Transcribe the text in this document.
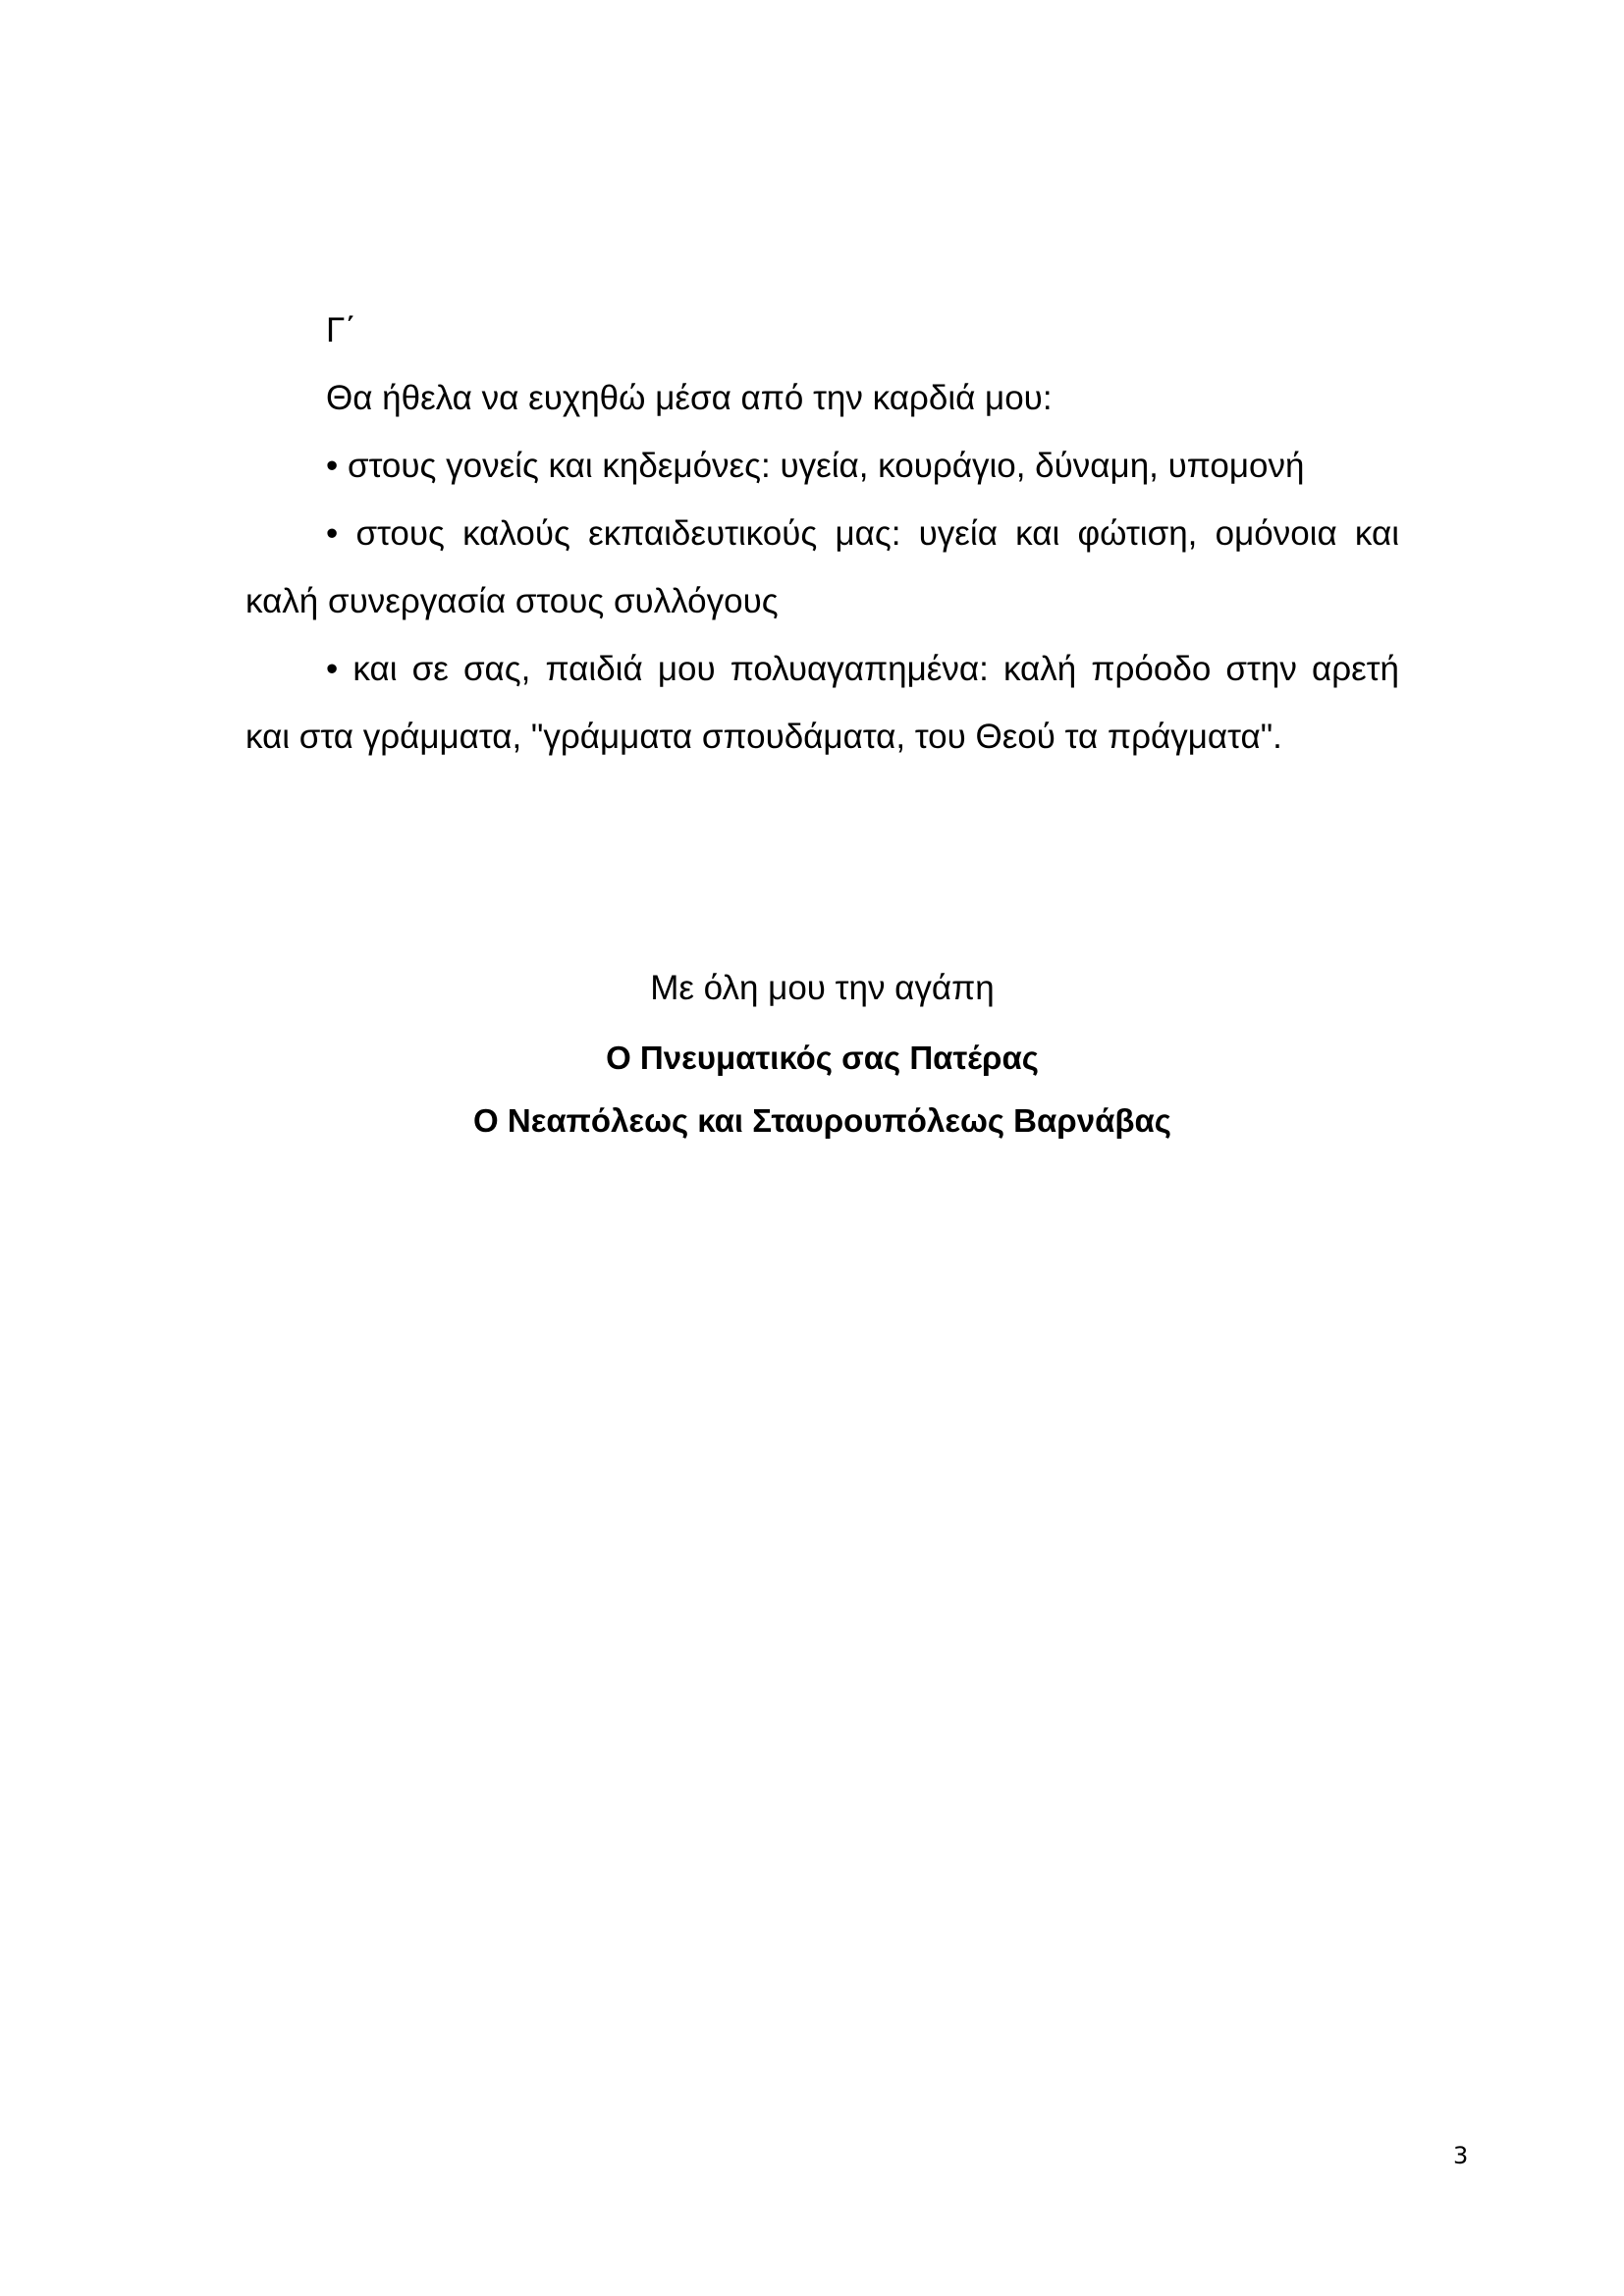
Γ΄

Θα ήθελα να ευχηθώ μέσα από την καρδιά μου:

• στους γονείς και κηδεμόνες: υγεία, κουράγιο, δύναμη, υπομονή

• στους καλούς εκπαιδευτικούς μας: υγεία και φώτιση, ομόνοια και καλή συνεργασία στους συλλόγους

• και σε σας, παιδιά μου πολυαγαπημένα: καλή πρόοδο στην αρετή και στα γράμματα, "γράμματα σπουδάματα, του Θεού τα πράγματα".

Με όλη μου την αγάπη
Ο Πνευματικός σας Πατέρας
Ο Νεαπόλεως και Σταυρουπόλεως Βαρνάβας
3
